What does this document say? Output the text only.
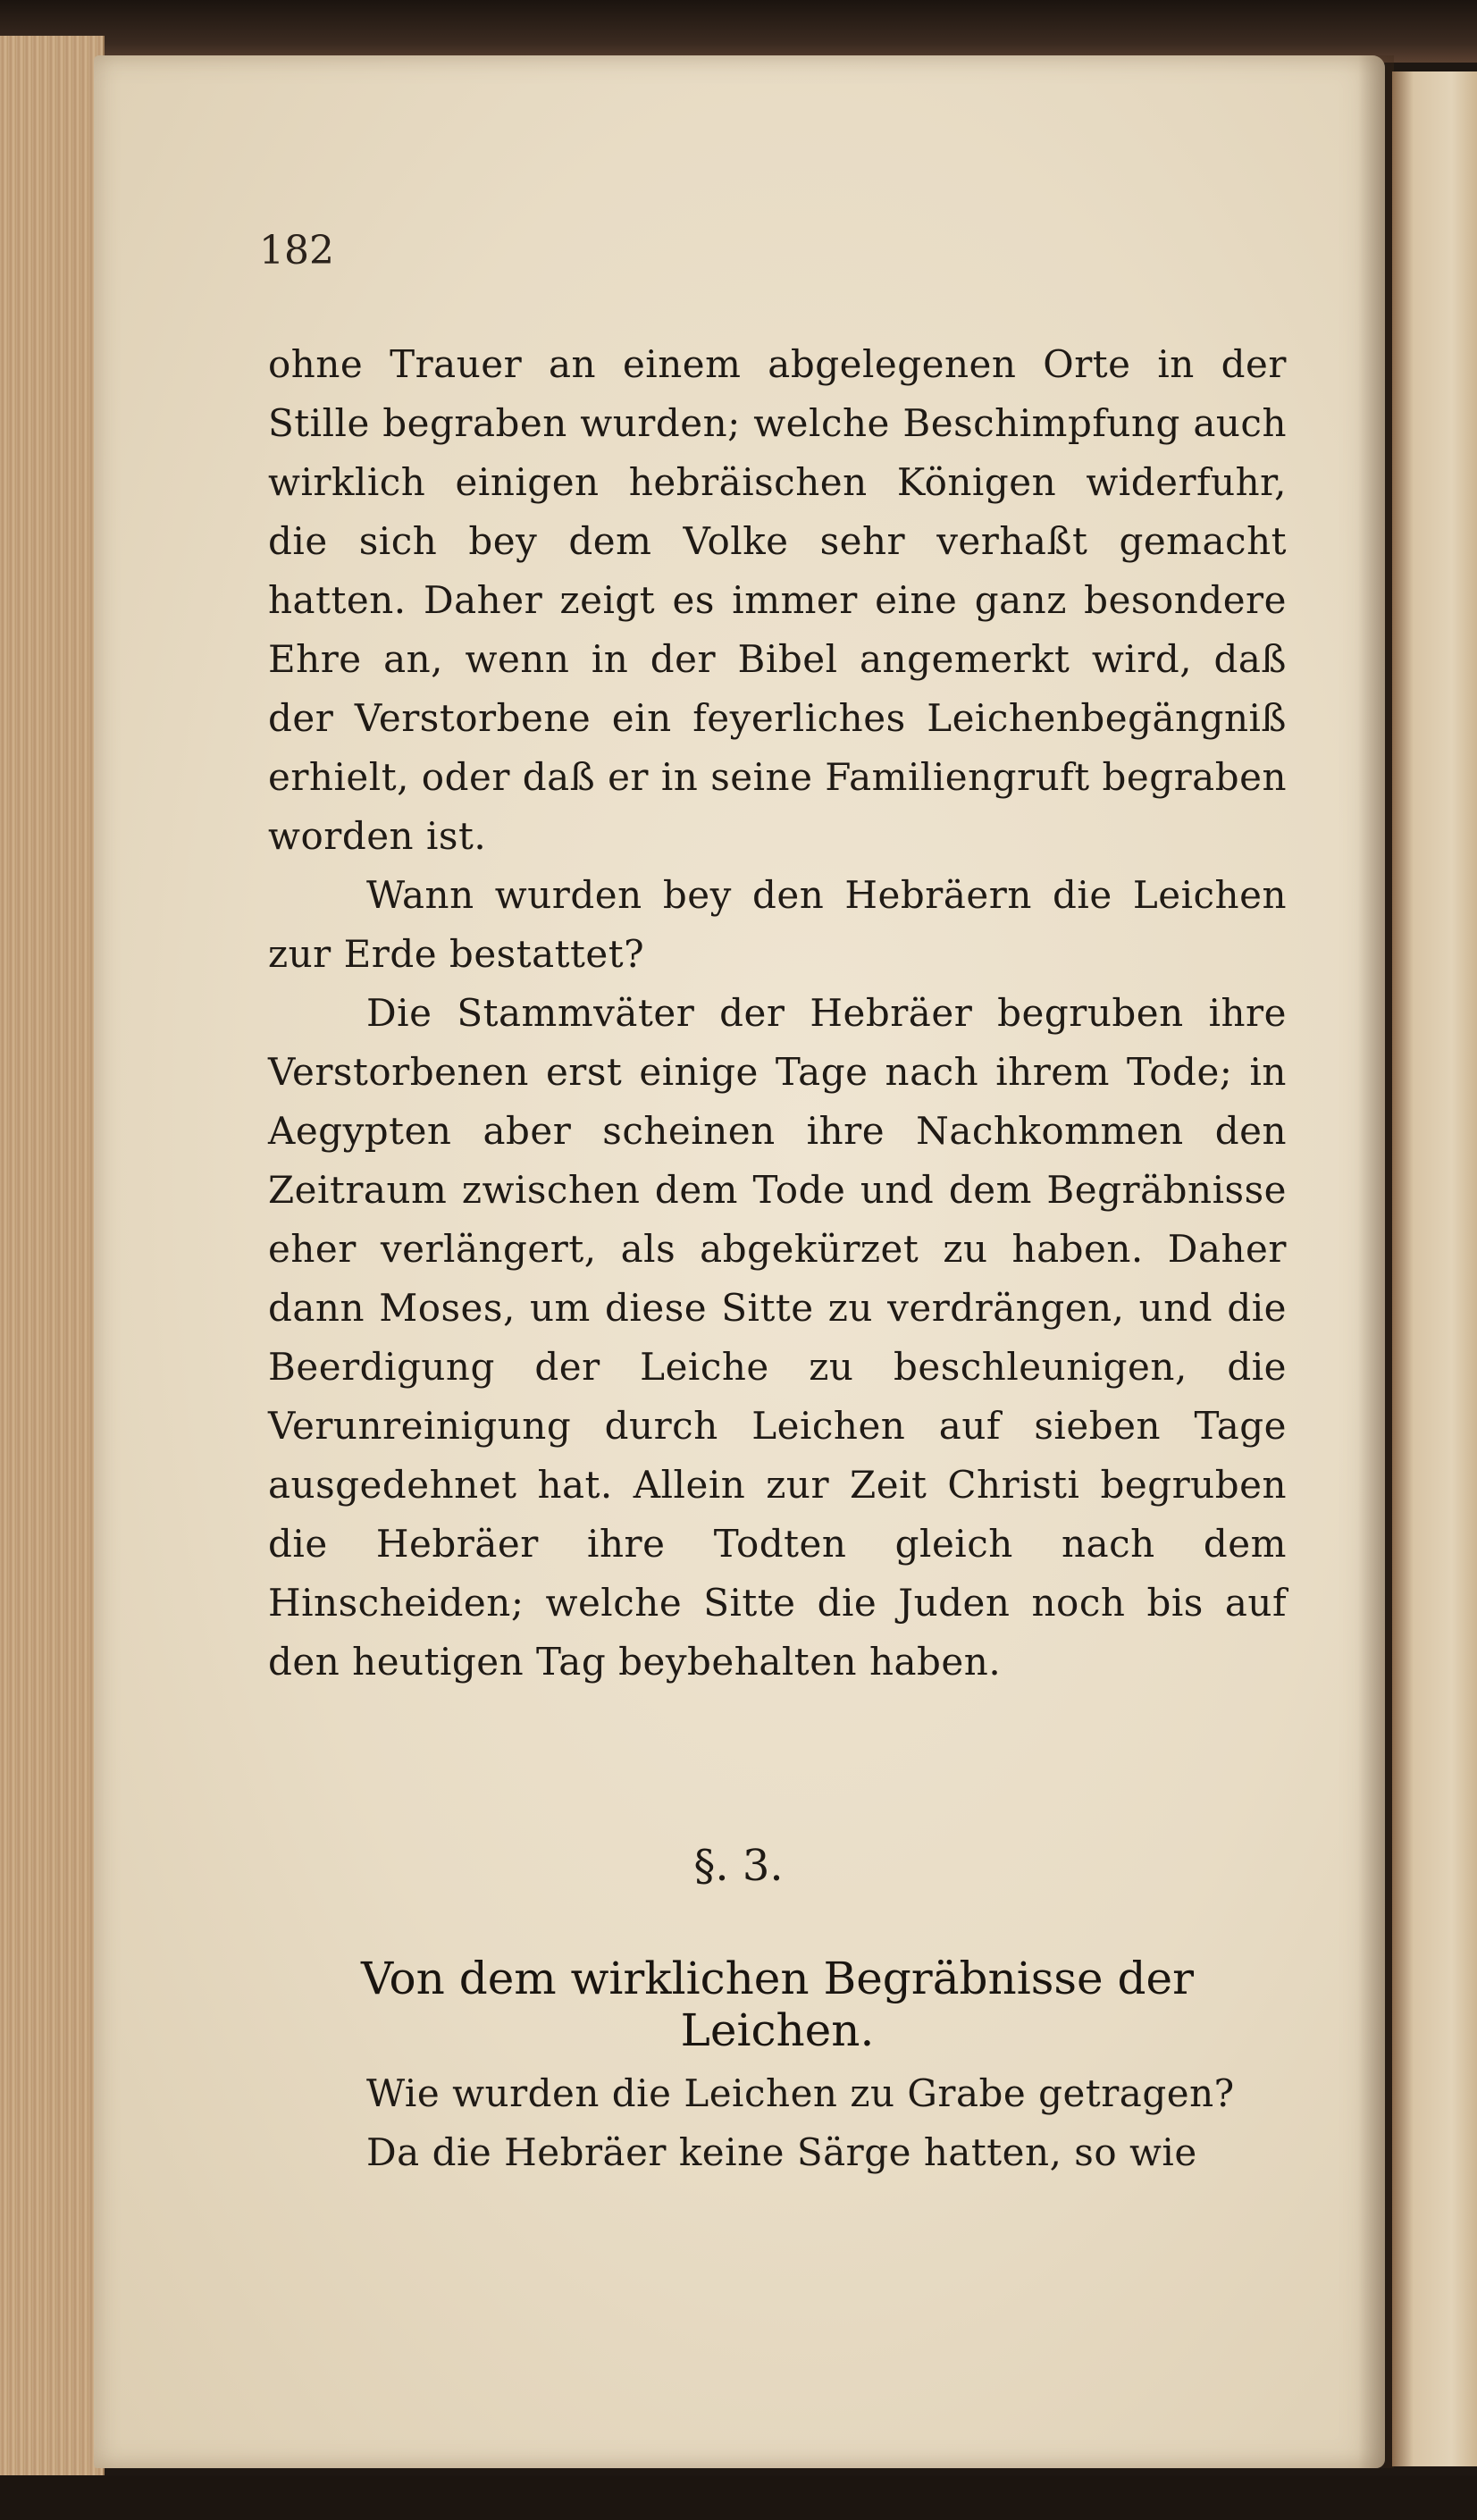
182

ohne Trauer an einem abgelegenen Orte in der Stille begraben wurden; welche Beschimpfung auch wirklich einigen hebräischen Königen widerfuhr, die sich bey dem Volke sehr verhaßt gemacht hatten. Daher zeigt es immer eine ganz besondere Ehre an, wenn in der Bibel angemerkt wird, daß der Verstorbene ein feyerliches Leichenbegängniß erhielt, oder daß er in seine Familiengruft begraben worden ist.

Wann wurden bey den Hebräern die Leichen zur Erde bestattet?

Die Stammväter der Hebräer begruben ihre Verstorbenen erst einige Tage nach ihrem Tode; in Aegypten aber scheinen ihre Nachkommen den Zeitraum zwischen dem Tode und dem Begräbnisse eher verlängert, als abgekürzet zu haben. Daher dann Moses, um diese Sitte zu verdrängen, und die Beerdigung der Leiche zu beschleunigen, die Verunreinigung durch Leichen auf sieben Tage ausgedehnet hat. Allein zur Zeit Christi begruben die Hebräer ihre Todten gleich nach dem Hinscheiden; welche Sitte die Juden noch bis auf den heutigen Tag beybehalten haben.

§. 3.
Von dem wirklichen Begräbnisse der Leichen.

Wie wurden die Leichen zu Grabe getragen?

Da die Hebräer keine Särge hatten, so wie
